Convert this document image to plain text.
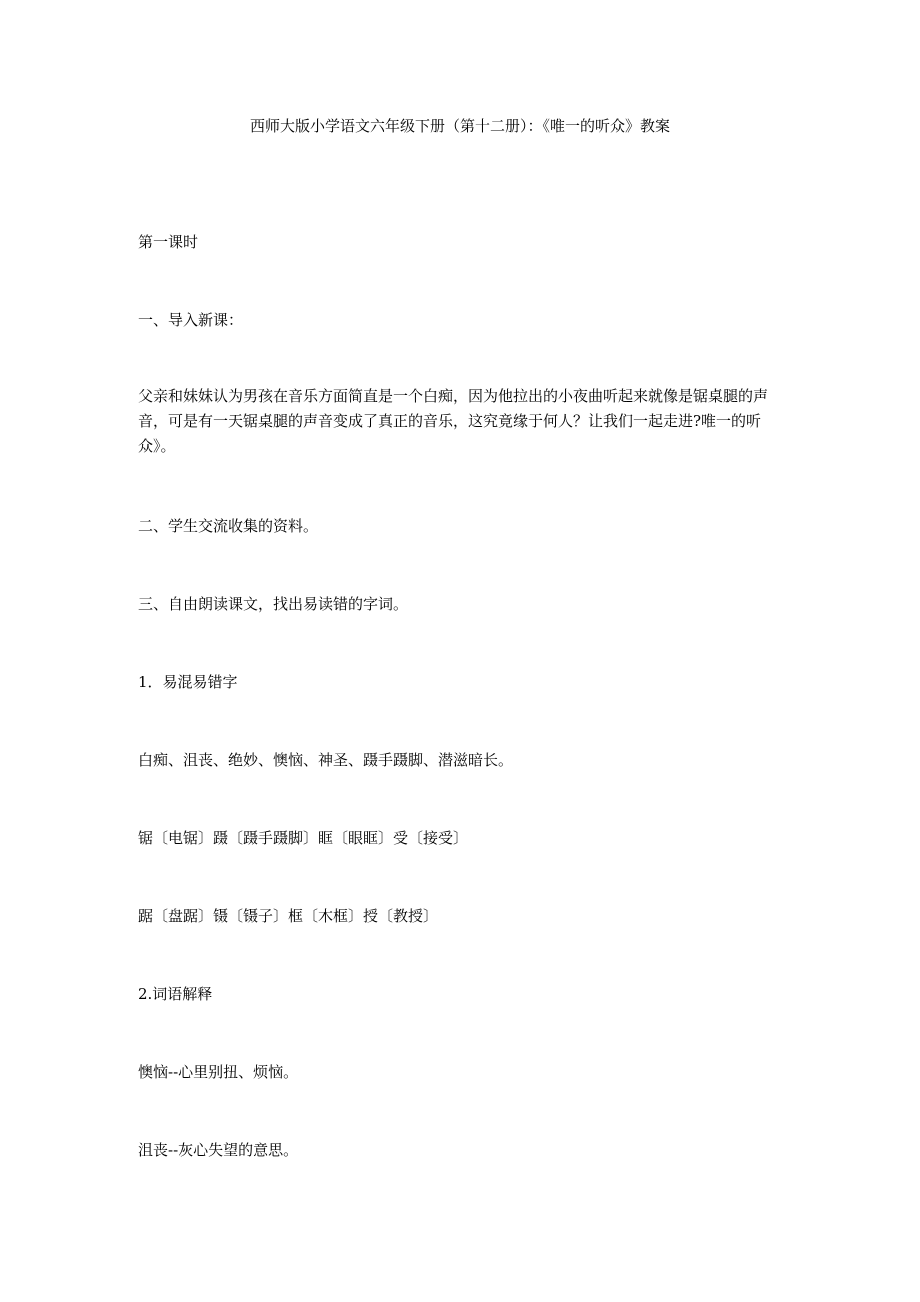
西师大版小学语文六年级下册（第十二册）：《唯一的听众》教案

第一课时

一、导入新课：

父亲和妹妹认为男孩在音乐方面简直是一个白痴，因为他拉出的小夜曲听起来就像是锯桌腿的声音，可是有一天锯桌腿的声音变成了真正的音乐，这究竟缘于何人？让我们一起走进?唯一的听众》。

二、学生交流收集的资料。

三、自由朗读课文，找出易读错的字词。

1．易混易错字

白痴、沮丧、绝妙、懊恼、神圣、蹑手蹑脚、潜滋暗长。

锯〔电锯〕蹑〔蹑手蹑脚〕眶〔眼眶〕受〔接受〕

踞〔盘踞〕镊〔镊子〕框〔木框〕授〔教授〕

2.词语解释

懊恼--心里别扭、烦恼。

沮丧--灰心失望的意思。
